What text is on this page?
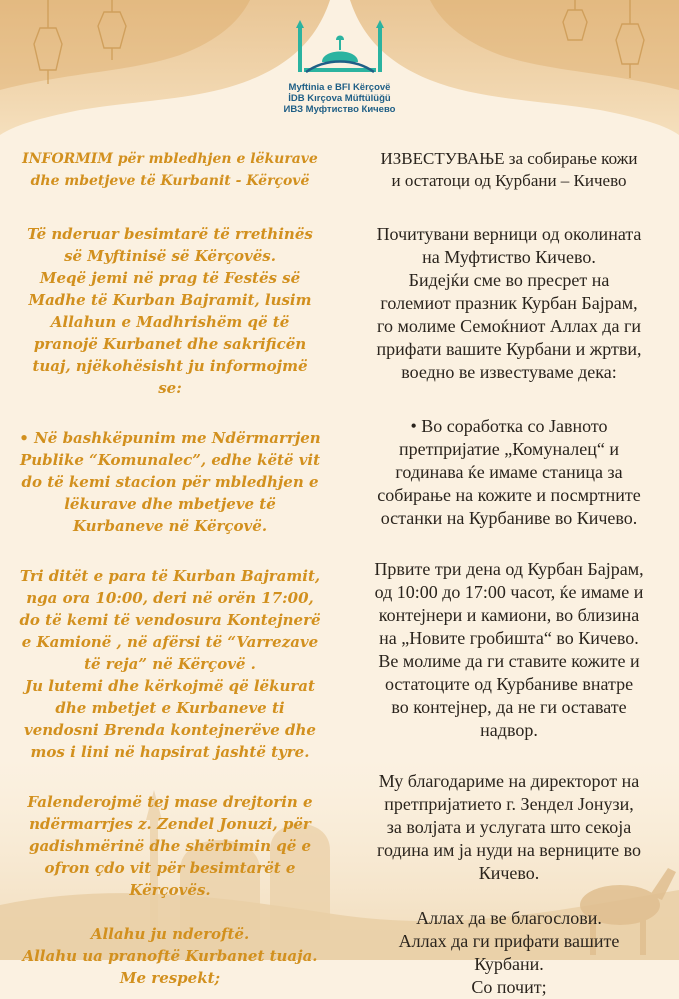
Myftinia e BFI Kërçovë
İDB Kırçova Müftülüğü
ИВЗ Муфтиство Кичево

INFORMIM për mbledhjen e lëkurave
dhe mbetjeve të Kurbanit - Kërçovë

Të nderuar besimtarë të rrethinës
së Myftinisë së Kërçovës.
Meqë jemi në prag të Festës së
Madhe të Kurban Bajramit, lusim
Allahun e Madhrishëm që të
pranojë Kurbanet dhe sakrificën
tuaj, njëkohësisht ju informojmë
se:

• Në bashkëpunim me Ndërmarrjen
Publike “Komunalec”, edhe këtë vit
do të kemi stacion për mbledhjen e
lëkurave dhe mbetjeve të
Kurbaneve në Kërçovë.

Tri ditët e para të Kurban Bajramit,
nga ora 10:00, deri në orën 17:00,
do të kemi të vendosura Kontejnerë
e Kamionë , në afërsi të “Varrezave
të reja” në Kërçovë .
Ju lutemi dhe kërkojmë që lëkurat
dhe mbetjet e Kurbaneve ti
vendosni Brenda kontejnerëve dhe
mos i lini në hapsirat jashtë tyre.

Falenderojmë tej mase drejtorin e
ndërmarrjes z. Zendel Jonuzi, për
gadishmërinë dhe shërbimin që e
ofron çdo vit për besimtarët e
Kërçovës.

Allahu ju nderoftë.
Allahu ua pranoftë Kurbanet tuaja.
Me respekt;

ИЗВЕСТУВАЊЕ за собирање кожи
и остатоци од Курбани – Кичево

Почитувани верници од околината
на Муфтиство Кичево.
Бидејќи сме во пресрет на
големиот празник Курбан Бајрам,
го молиме Семоќниот Аллах да ги
прифати вашите Курбани и жртви,
воедно ве известуваме дека:

• Во соработка со Јавното
претпријатие „Комуналец“ и
годинава ќе имаме станица за
собирање на кожите и посмртните
останки на Курбаниве во Кичево.

Првите три дена од Курбан Бајрам,
од 10:00 до 17:00 часот, ќе имаме и
контејнери и камиони, во близина
на „Новите гробишта“ во Кичево.
Ве молиме да ги ставите кожите и
остатоците од Курбаниве внатре
во контејнер, да не ги оставате
надвор.

Му благодариме на директорот на
претпријатието г. Зендел Јонузи,
за волјата и услугата што секоја
година им ја нуди на верниците во
Кичево.

Аллах да ве благослови.
Аллах да ги прифати вашите
Курбани.
Со почит;
